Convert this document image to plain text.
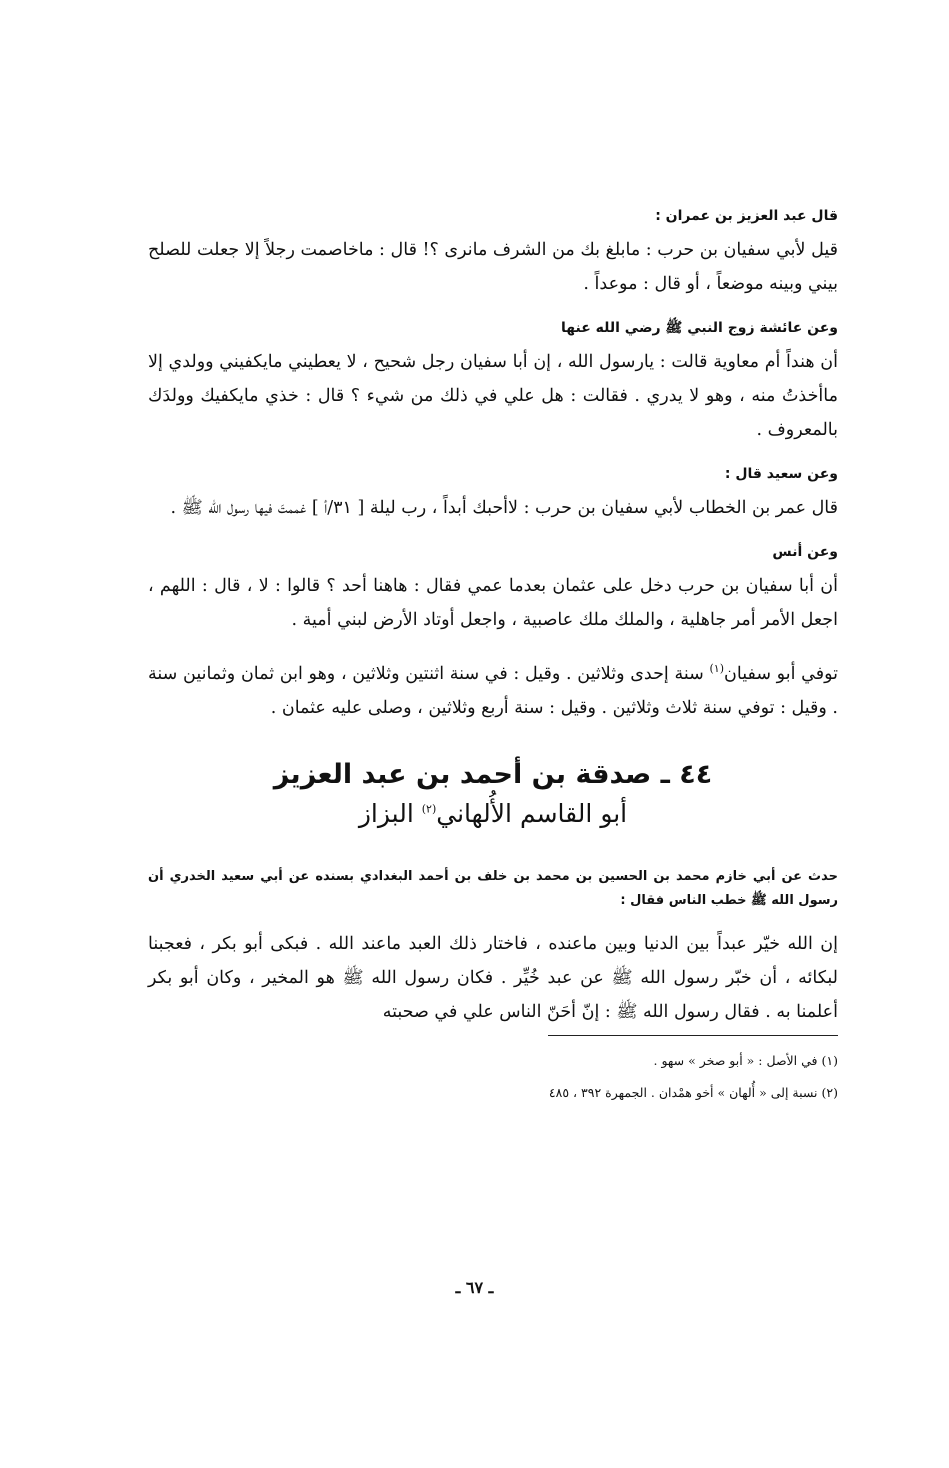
قال عبد العزيز بن عمران :

قيل لأبي سفيان بن حرب : مابلغ بك من الشرف مانرى ؟! قال : ماخاصمت رجلاً إلا جعلت للصلح بيني وبينه موضعاً ، أو قال : موعداً .

وعن عائشة زوج النبي ﷺ رضي الله عنها

أن هنداً أم معاوية قالت : يارسول الله ، إن أبا سفيان رجل شحيح ، لا يعطيني مايكفيني وولدي إلا ماأخذتُ منه ، وهو لا يدري . فقالت : هل علي في ذلك من شيء ؟ قال : خذي مايكفيك وولدَك بالمعروف .

وعن سعيد قال :

قال عمر بن الخطاب لأبي سفيان بن حرب : لاأحبك أبداً ، رب ليلة [ ٣١/أ ] غممتَ فيها رسول الله ﷺ .

وعن أنس

أن أبا سفيان بن حرب دخل على عثمان بعدما عمي فقال : هاهنا أحد ؟ قالوا : لا ، قال : اللهم ، اجعل الأمر أمر جاهلية ، والملك ملك عاصبية ، واجعل أوتاد الأرض لبني أمية .

توفي أبو سفيان$^{(١)}$ سنة إحدى وثلاثين . وقيل : في سنة اثنتين وثلاثين ، وهو ابن ثمان وثمانين سنة . وقيل : توفي سنة ثلاث وثلاثين . وقيل : سنة أربع وثلاثين ، وصلى عليه عثمان .

٤٤ ـ صدقة بن أحمد بن عبد العزيز
أبو القاسم الأُلهاني$^{(٢)}$ البزاز

حدث عن أبي خازم محمد بن الحسين بن محمد بن خلف بن أحمد البغدادي بسنده عن أبي سعيد الخدري أن رسول الله ﷺ خطب الناس فقال :

إن الله خيّر عبداً بين الدنيا وبين ماعنده ، فاختار ذلك العبد ماعند الله . فبكى أبو بكر ، فعجبنا لبكائه ، أن خبّر رسول الله ﷺ عن عبد خُيِّر . فكان رسول الله ﷺ هو المخير ، وكان أبو بكر أعلمنا به . فقال رسول الله ﷺ : إنّ أحَنّ الناس علي في صحبته

(١) في الأصل : « أبو صخر » سهو .

(٢) نسبة إلى « أُلهان » أخو همْدان . الجمهرة ٣٩٢ ، ٤٨٥

ـ ٦٧ ـ
